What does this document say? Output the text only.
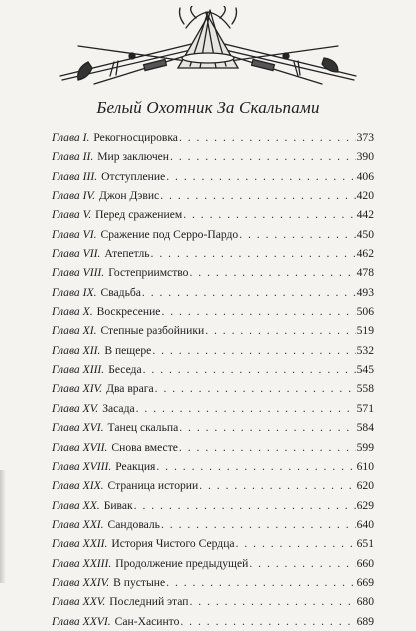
Белый Охотник За Скальпами
Глава I. Рекогносцировка . . .	373
Глава II. Мир заключен . . .	390
Глава III. Отступление . . .	406
Глава IV. Джон Дэвис . . .	420
Глава V. Перед сражением . . .	442
Глава VI. Сражение под Серро-Пардо . . .	450
Глава VII. Атепетль . . .	462
Глава VIII. Гостеприимство . . .	478
Глава IX. Свадьба . . .	493
Глава X. Воскресение . . .	506
Глава XI. Степные разбойники . . .	519
Глава XII. В пещере . . .	532
Глава XIII. Беседа . . .	545
Глава XIV. Два врага . . .	558
Глава XV. Засада . . .	571
Глава XVI. Танец скальпа . . .	584
Глава XVII. Снова вместе . . .	599
Глава XVIII. Реакция . . .	610
Глава XIX. Страница истории . . .	620
Глава XX. Бивак . . .	629
Глава XXI. Сандоваль . . .	640
Глава XXII. История Чистого Сердца . . .	651
Глава XXIII. Продолжение предыдущей . . .	660
Глава XXIV. В пустыне . . .	669
Глава XXV. Последний этап . . .	680
Глава XXVI. Сан-Хасинто . . .	689
